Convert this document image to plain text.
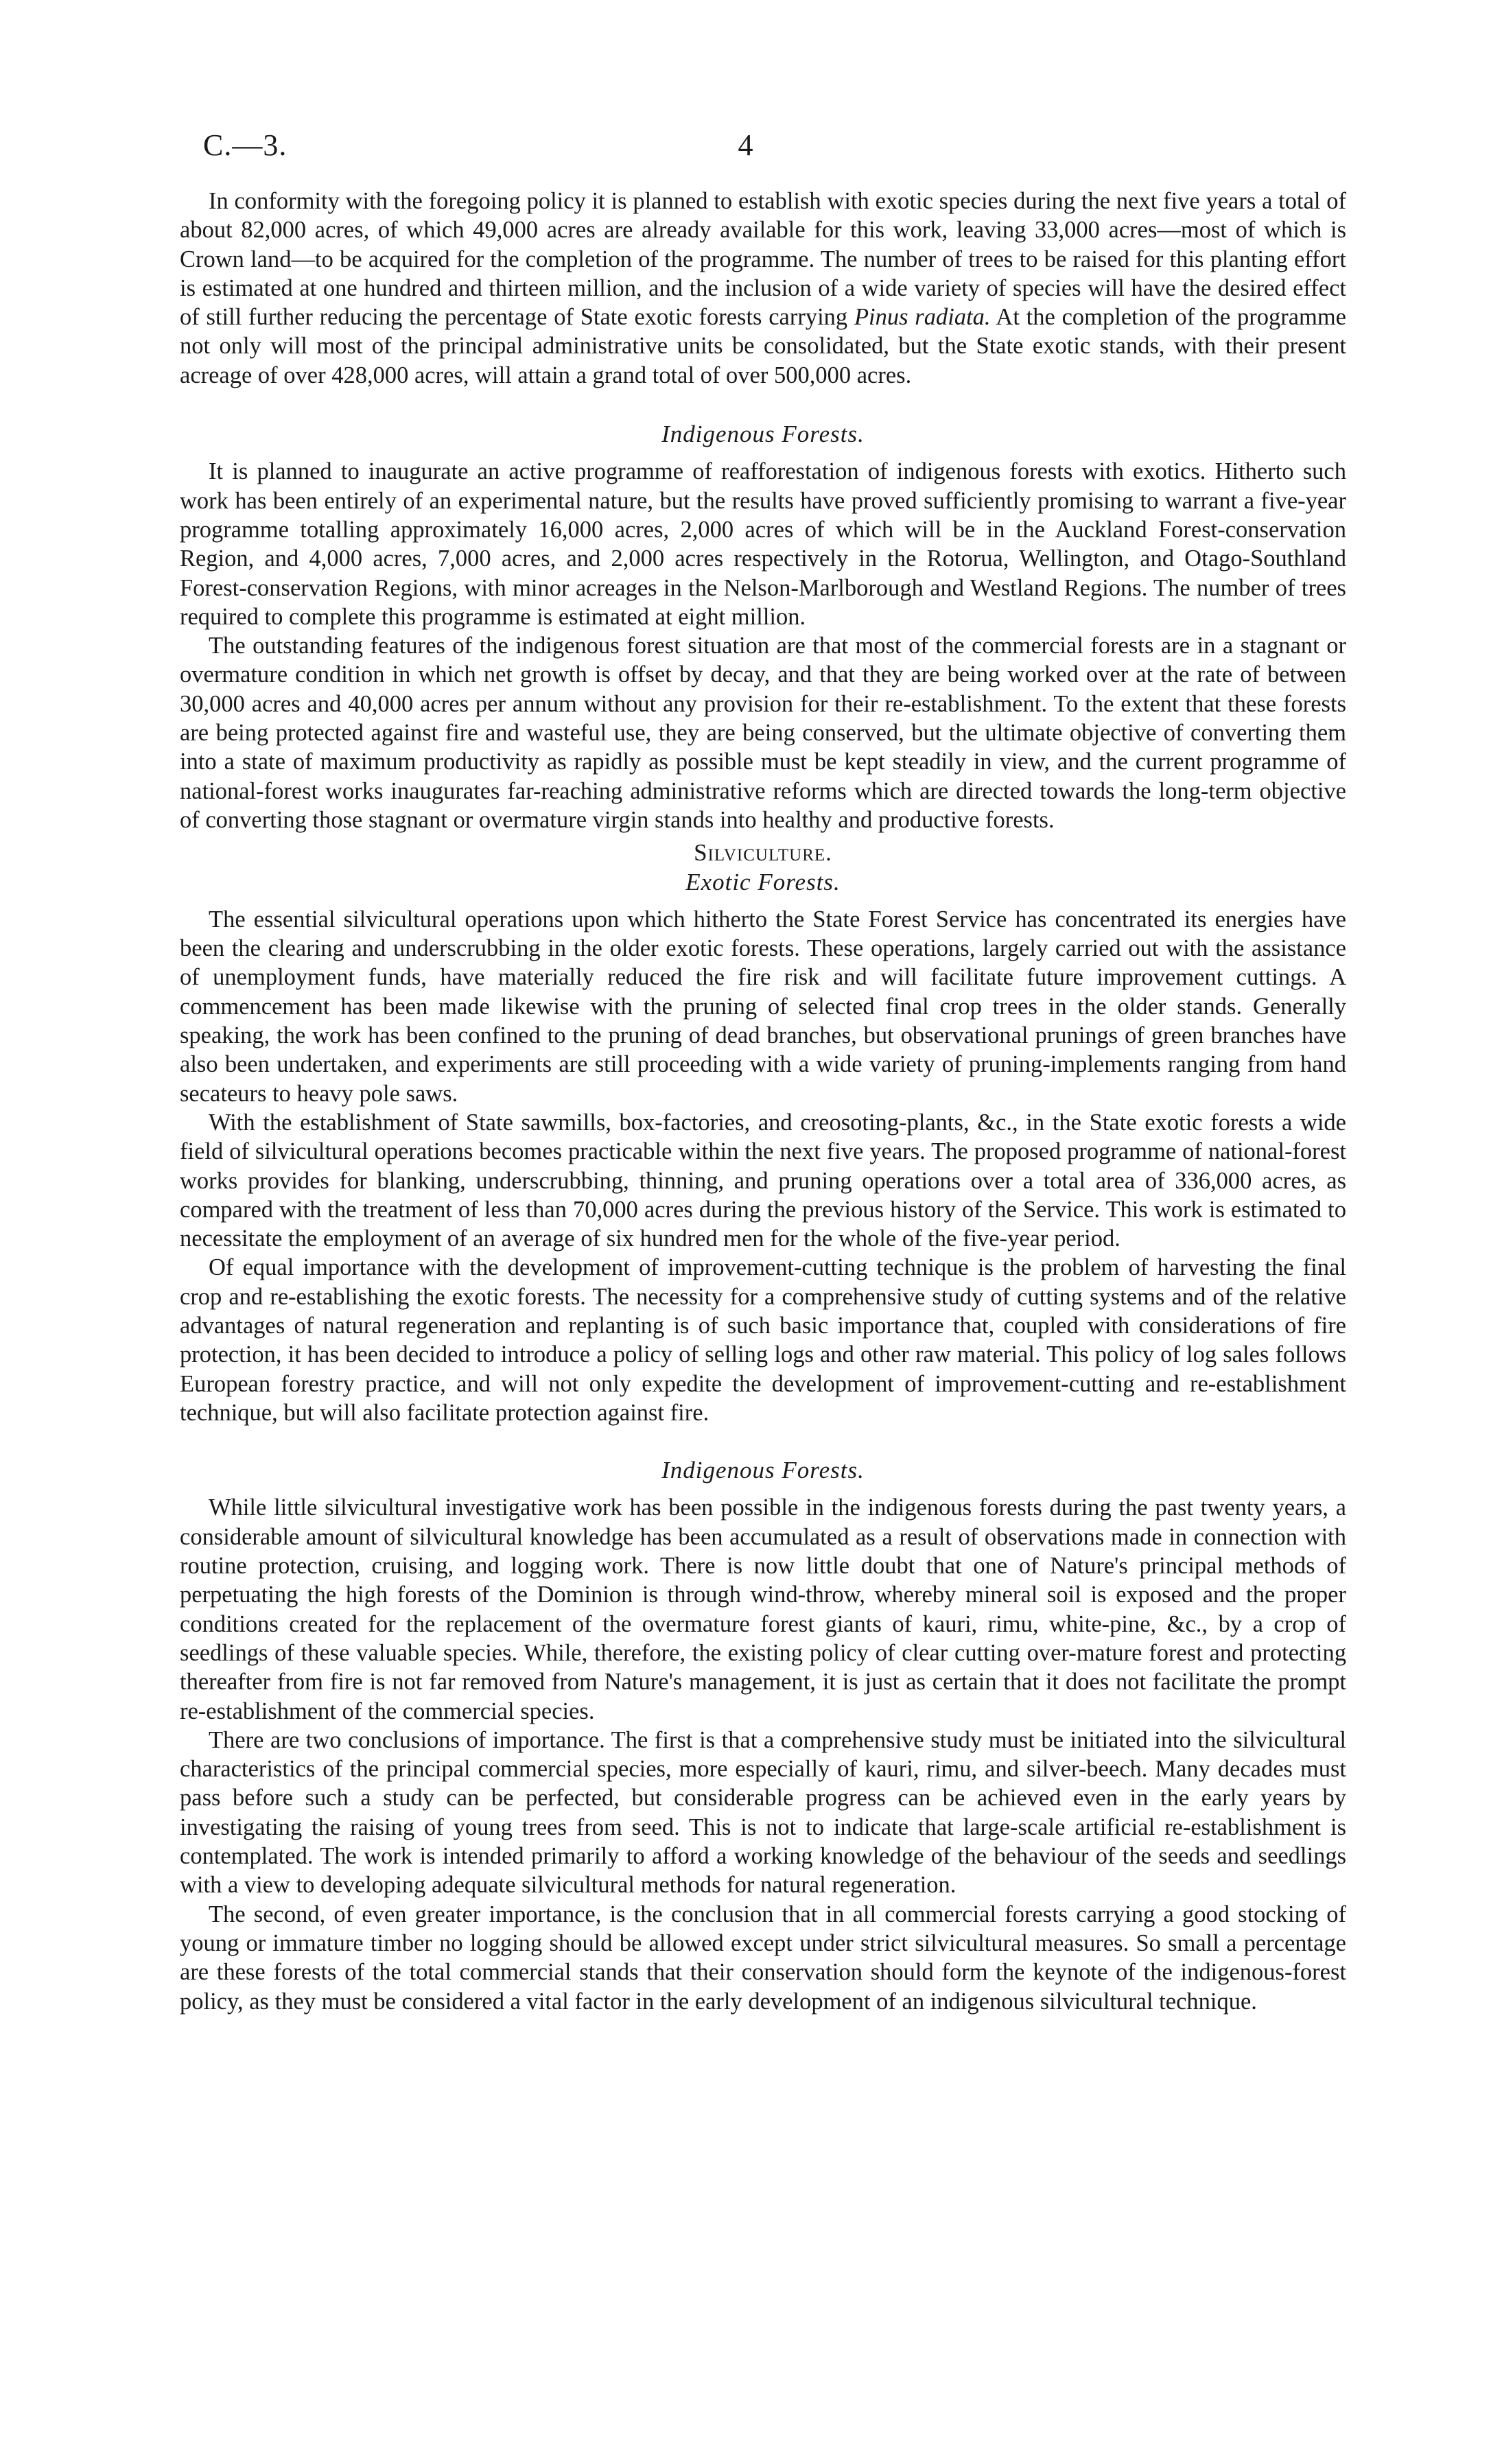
C.—3.	4

In conformity with the foregoing policy it is planned to establish with exotic species during the next five years a total of about 82,000 acres, of which 49,000 acres are already available for this work, leaving 33,000 acres—most of which is Crown land—to be acquired for the completion of the programme. The number of trees to be raised for this planting effort is estimated at one hundred and thirteen million, and the inclusion of a wide variety of species will have the desired effect of still further reducing the percentage of State exotic forests carrying Pinus radiata. At the completion of the programme not only will most of the principal administrative units be consolidated, but the State exotic stands, with their present acreage of over 428,000 acres, will attain a grand total of over 500,000 acres.

Indigenous Forests.

It is planned to inaugurate an active programme of reafforestation of indigenous forests with exotics. Hitherto such work has been entirely of an experimental nature, but the results have proved sufficiently promising to warrant a five-year programme totalling approximately 16,000 acres, 2,000 acres of which will be in the Auckland Forest-conservation Region, and 4,000 acres, 7,000 acres, and 2,000 acres respectively in the Rotorua, Wellington, and Otago-Southland Forest-conservation Regions, with minor acreages in the Nelson-Marlborough and Westland Regions. The number of trees required to complete this programme is estimated at eight million.

The outstanding features of the indigenous forest situation are that most of the commercial forests are in a stagnant or overmature condition in which net growth is offset by decay, and that they are being worked over at the rate of between 30,000 acres and 40,000 acres per annum without any provision for their re-establishment. To the extent that these forests are being protected against fire and wasteful use, they are being conserved, but the ultimate objective of converting them into a state of maximum productivity as rapidly as possible must be kept steadily in view, and the current programme of national-forest works inaugurates far-reaching administrative reforms which are directed towards the long-term objective of converting those stagnant or overmature virgin stands into healthy and productive forests.

Silviculture.
Exotic Forests.

The essential silvicultural operations upon which hitherto the State Forest Service has concentrated its energies have been the clearing and underscrubbing in the older exotic forests. These operations, largely carried out with the assistance of unemployment funds, have materially reduced the fire risk and will facilitate future improvement cuttings. A commencement has been made likewise with the pruning of selected final crop trees in the older stands. Generally speaking, the work has been confined to the pruning of dead branches, but observational prunings of green branches have also been undertaken, and experiments are still proceeding with a wide variety of pruning-implements ranging from hand secateurs to heavy pole saws.

With the establishment of State sawmills, box-factories, and creosoting-plants, &c., in the State exotic forests a wide field of silvicultural operations becomes practicable within the next five years. The proposed programme of national-forest works provides for blanking, underscrubbing, thinning, and pruning operations over a total area of 336,000 acres, as compared with the treatment of less than 70,000 acres during the previous history of the Service. This work is estimated to necessitate the employment of an average of six hundred men for the whole of the five-year period.

Of equal importance with the development of improvement-cutting technique is the problem of harvesting the final crop and re-establishing the exotic forests. The necessity for a comprehensive study of cutting systems and of the relative advantages of natural regeneration and replanting is of such basic importance that, coupled with considerations of fire protection, it has been decided to introduce a policy of selling logs and other raw material. This policy of log sales follows European forestry practice, and will not only expedite the development of improvement-cutting and re-establishment technique, but will also facilitate protection against fire.

Indigenous Forests.

While little silvicultural investigative work has been possible in the indigenous forests during the past twenty years, a considerable amount of silvicultural knowledge has been accumulated as a result of observations made in connection with routine protection, cruising, and logging work. There is now little doubt that one of Nature's principal methods of perpetuating the high forests of the Dominion is through wind-throw, whereby mineral soil is exposed and the proper conditions created for the replacement of the overmature forest giants of kauri, rimu, white-pine, &c., by a crop of seedlings of these valuable species. While, therefore, the existing policy of clear cutting over-mature forest and protecting thereafter from fire is not far removed from Nature's management, it is just as certain that it does not facilitate the prompt re-establishment of the commercial species.

There are two conclusions of importance. The first is that a comprehensive study must be initiated into the silvicultural characteristics of the principal commercial species, more especially of kauri, rimu, and silver-beech. Many decades must pass before such a study can be perfected, but considerable progress can be achieved even in the early years by investigating the raising of young trees from seed. This is not to indicate that large-scale artificial re-establishment is contemplated. The work is intended primarily to afford a working knowledge of the behaviour of the seeds and seedlings with a view to developing adequate silvicultural methods for natural regeneration.

The second, of even greater importance, is the conclusion that in all commercial forests carrying a good stocking of young or immature timber no logging should be allowed except under strict silvicultural measures. So small a percentage are these forests of the total commercial stands that their conservation should form the keynote of the indigenous-forest policy, as they must be considered a vital factor in the early development of an indigenous silvicultural technique.
